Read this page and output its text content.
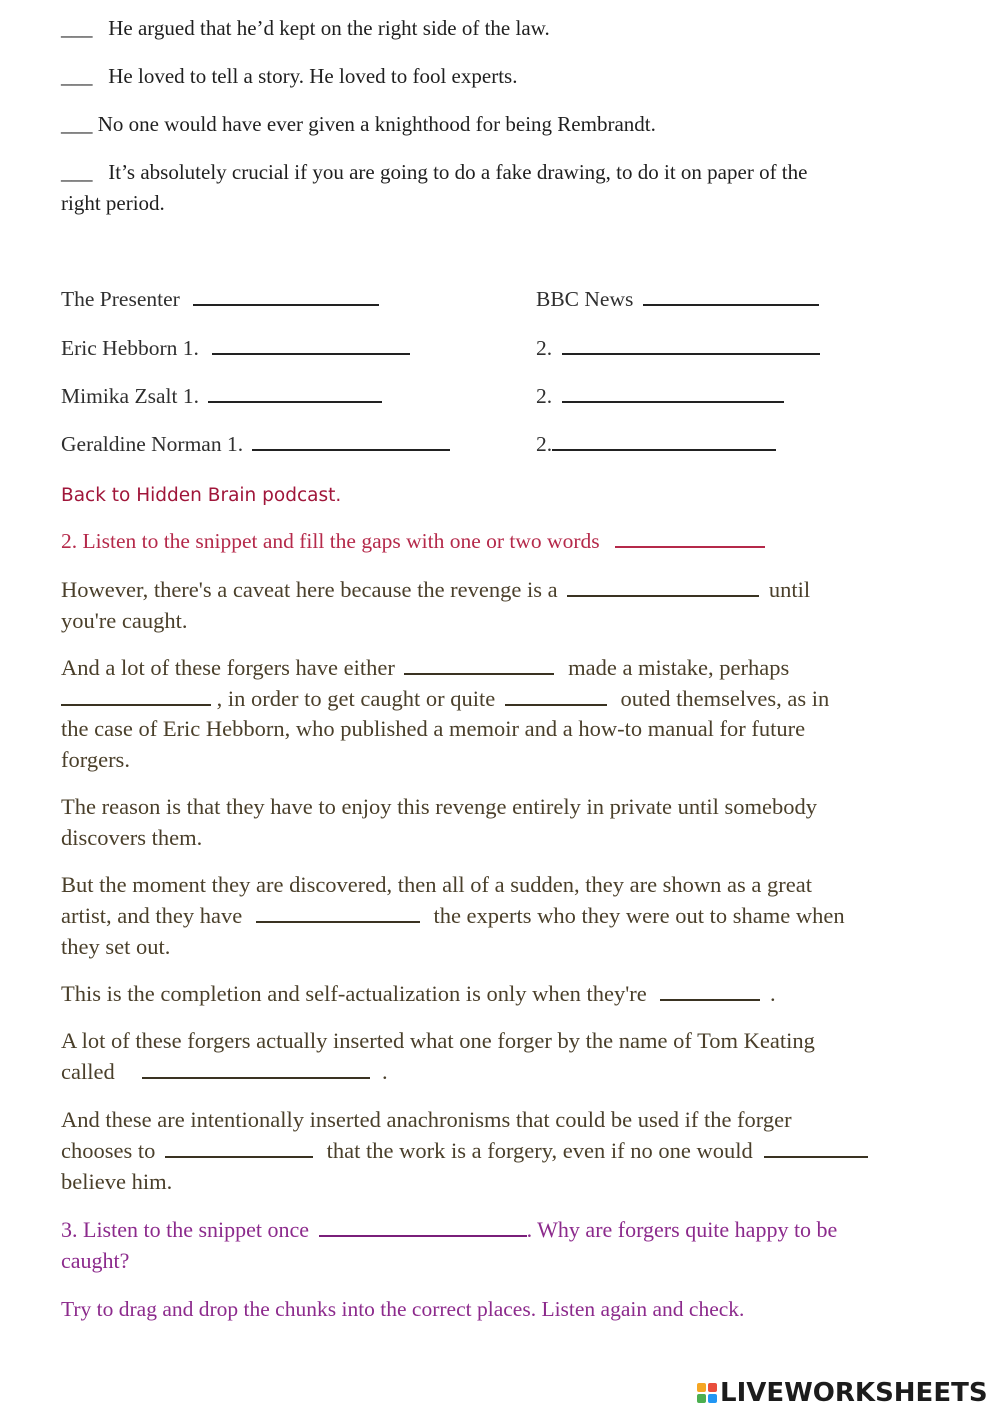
___ He argued that he’d kept on the right side of the law.

___ He loved to tell a story. He loved to fool experts.

___ No one would have ever given a knighthood for being Rembrandt.

___ It’s absolutely crucial if you are going to do a fake drawing, to do it on paper of the

right period.

The Presenter	BBC News

Eric Hebborn 1.	2.

Mimika Zsalt 1.	2.

Geraldine Norman 1.	2.

Back to Hidden Brain podcast.

2. Listen to the snippet and fill the gaps with one or two words

However, there's a caveat here because the revenge is a	until

you're caught.

And a lot of these forgers have either	made a mistake, perhaps

, in order to get caught or quite	outed themselves, as in

the case of Eric Hebborn, who published a memoir and a how-to manual for future

forgers.

The reason is that they have to enjoy this revenge entirely in private until somebody

discovers them.

But the moment they are discovered, then all of a sudden, they are shown as a great

artist, and they have	the experts who they were out to shame when

they set out.

This is the completion and self-actualization is only when they're	.

A lot of these forgers actually inserted what one forger by the name of Tom Keating

called	.

And these are intentionally inserted anachronisms that could be used if the forger

chooses to	that the work is a forgery, even if no one would

believe him.

3. Listen to the snippet once	. Why are forgers quite happy to be

caught?

Try to drag and drop the chunks into the correct places. Listen again and check.

LIVEWORKSHEETS
